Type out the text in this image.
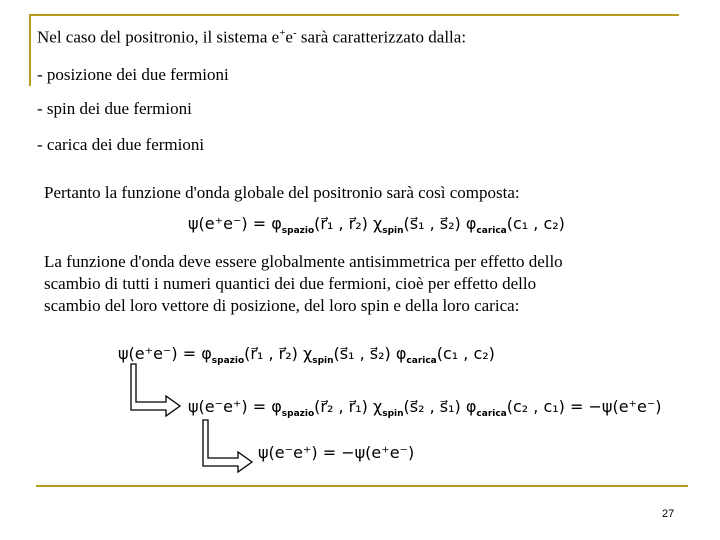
Nel caso del positronio, il sistema e+e- sarà caratterizzato dalla:
- posizione dei due fermioni
- spin dei due fermioni
- carica dei due fermioni
Pertanto la funzione d'onda globale del positronio sarà così composta:
$\psi(e^+e^-) = \varphi_{spazio}(r⃗_1$ , r⃗₂) $\chi_{spin}(s⃗_1$ , s⃗₂) $\varphi_{carica}(c_1$ , c₂)
La funzione d'onda deve essere globalmente antisimmetrica per effetto dello
scambio di tutti i numeri quantici dei due fermioni, cioè per effetto dello
scambio del loro vettore di posizione, del loro spin e della loro carica:
$\psi(e^+e^-) = \varphi_{spazio}(r⃗_1$ , r⃗₂) $\chi_{spin}(s⃗_1$ , s⃗₂) $\varphi_{carica}(c_1$ , c₂)
$\psi(e^-e^+) = \varphi_{spazio}(r⃗_2$ , r⃗₁) $\chi_{spin}(s⃗_2$ , s⃗₁) $\varphi_{carica}(c_2$ , c₁) = −ψ(e⁺e⁻)
ψ(e⁻e⁺) = −ψ(e⁺e⁻)
27
